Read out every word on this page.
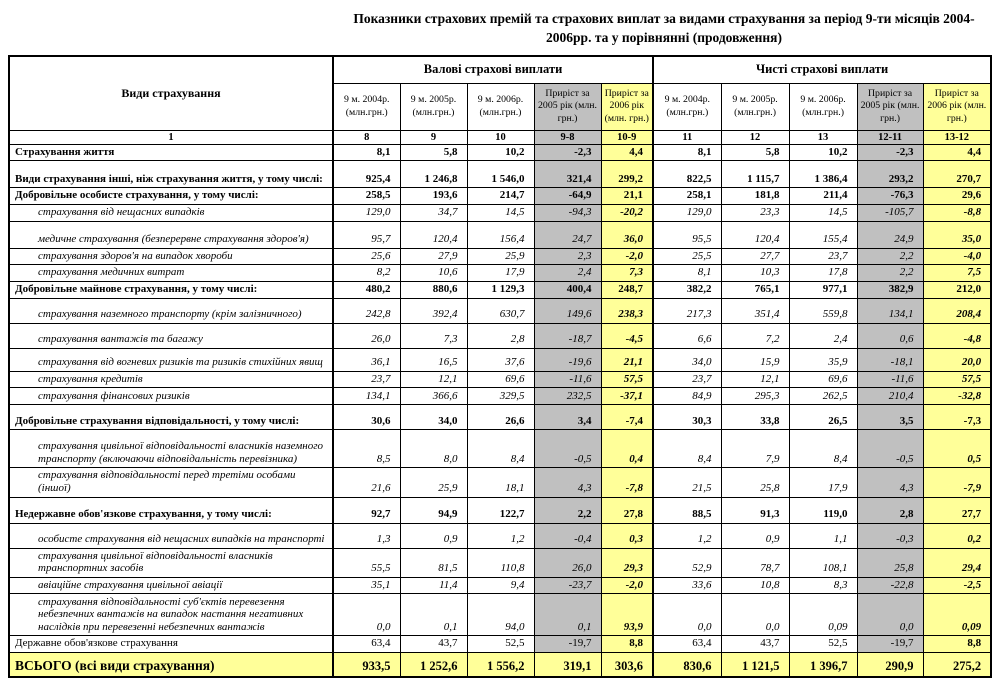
Показники страхових премій та страхових виплат за видами страхування за період 9-ти місяців 2004-2006рр. та у порівнянні (продовження)
Види страхування	Валові страхові виплати					Чисті страхові виплати				
	9 м. 2004р. (млн.грн.)	9 м. 2005р. (млн.грн.)	9 м. 2006р. (млн.грн.)	Приріст за 2005 рік (млн. грн.)	Приріст за 2006 рік (млн. грн.)	9 м. 2004р. (млн.грн.)	9 м. 2005р. (млн.грн.)	9 м. 2006р. (млн.грн.)	Приріст за 2005 рік (млн. грн.)	Приріст за 2006 рік (млн. грн.)
1	8	9	10	9-8	10-9	11	12	13	12-11	13-12
Страхування життя	8,1	5,8	10,2	-2,3	4,4	8,1	5,8	10,2	-2,3	4,4
Види страхування інші, ніж страхування життя, у тому числі:	925,4	1 246,8	1 546,0	321,4	299,2	822,5	1 115,7	1 386,4	293,2	270,7
Добровільне особисте страхування, у тому числі:	258,5	193,6	214,7	-64,9	21,1	258,1	181,8	211,4	-76,3	29,6
страхування від нещасних випадків	129,0	34,7	14,5	-94,3	-20,2	129,0	23,3	14,5	-105,7	-8,8
медичне страхування (безперервне страхування здоров'я)	95,7	120,4	156,4	24,7	36,0	95,5	120,4	155,4	24,9	35,0
страхування здоров'я на випадок хвороби	25,6	27,9	25,9	2,3	-2,0	25,5	27,7	23,7	2,2	-4,0
страхування медичних витрат	8,2	10,6	17,9	2,4	7,3	8,1	10,3	17,8	2,2	7,5
Добровільне майнове страхування, у тому числі:	480,2	880,6	1 129,3	400,4	248,7	382,2	765,1	977,1	382,9	212,0
страхування наземного транспорту (крім залізничного)	242,8	392,4	630,7	149,6	238,3	217,3	351,4	559,8	134,1	208,4
страхування вантажів та багажу	26,0	7,3	2,8	-18,7	-4,5	6,6	7,2	2,4	0,6	-4,8
страхування від вогневих ризиків та ризиків стихійних явищ	36,1	16,5	37,6	-19,6	21,1	34,0	15,9	35,9	-18,1	20,0
страхування кредитів	23,7	12,1	69,6	-11,6	57,5	23,7	12,1	69,6	-11,6	57,5
страхування фінансових ризиків	134,1	366,6	329,5	232,5	-37,1	84,9	295,3	262,5	210,4	-32,8
Добровільне страхування відповідальності, у тому числі:	30,6	34,0	26,6	3,4	-7,4	30,3	33,8	26,5	3,5	-7,3
страхування цивільної відповідальності власників наземного транспорту (включаючи відповідальність перевізника)	8,5	8,0	8,4	-0,5	0,4	8,4	7,9	8,4	-0,5	0,5
страхування відповідальності перед третіми особами (іншої)	21,6	25,9	18,1	4,3	-7,8	21,5	25,8	17,9	4,3	-7,9
Недержавне обов'язкове страхування, у тому числі:	92,7	94,9	122,7	2,2	27,8	88,5	91,3	119,0	2,8	27,7
особисте страхування від нещасних випадків на транспорті	1,3	0,9	1,2	-0,4	0,3	1,2	0,9	1,1	-0,3	0,2
страхування цивільної відповідальності власників транспортних засобів	55,5	81,5	110,8	26,0	29,3	52,9	78,7	108,1	25,8	29,4
авіаційне страхування цивільної авіації	35,1	11,4	9,4	-23,7	-2,0	33,6	10,8	8,3	-22,8	-2,5
страхування відповідальності суб'єктів перевезення небезпечних вантажів на випадок настання негативних наслідків при перевезенні небезпечних вантажів	0,0	0,1	94,0	0,1	93,9	0,0	0,0	0,09	0,0	0,09
Державне обов'язкове страхування	63,4	43,7	52,5	-19,7	8,8	63,4	43,7	52,5	-19,7	8,8
ВСЬОГО (всі види страхування)	933,5	1 252,6	1 556,2	319,1	303,6	830,6	1 121,5	1 396,7	290,9	275,2
